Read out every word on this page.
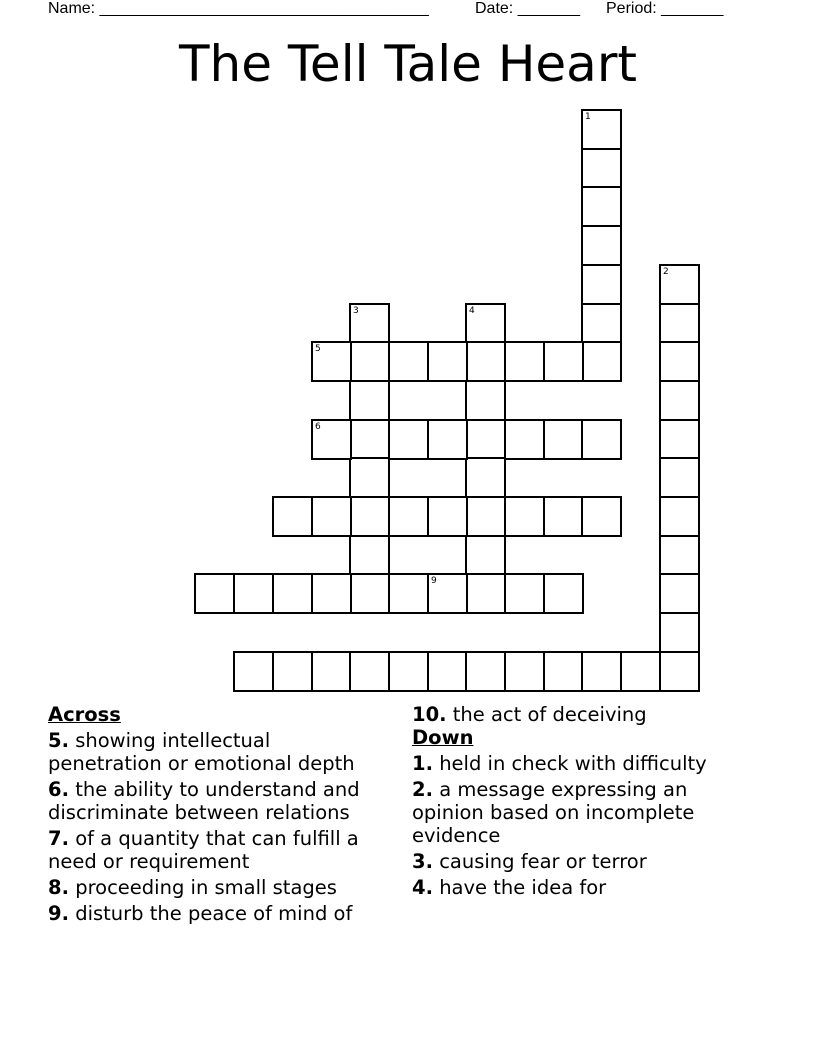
Name: _____________________________________

	Date: _______

Period: _______

The Tell Tale Heart
1
2
3	4
5
6
9
Across
5. showing intellectual penetration or emotional depth
6. the ability to understand and discriminate between relations
7. of a quantity that can fulfill a need or requirement
8. proceeding in small stages
9. disturb the peace of mind of
10. the act of deceiving
Down
1. held in check with difficulty
2. a message expressing an opinion based on incomplete evidence
3. causing fear or terror
4. have the idea for
